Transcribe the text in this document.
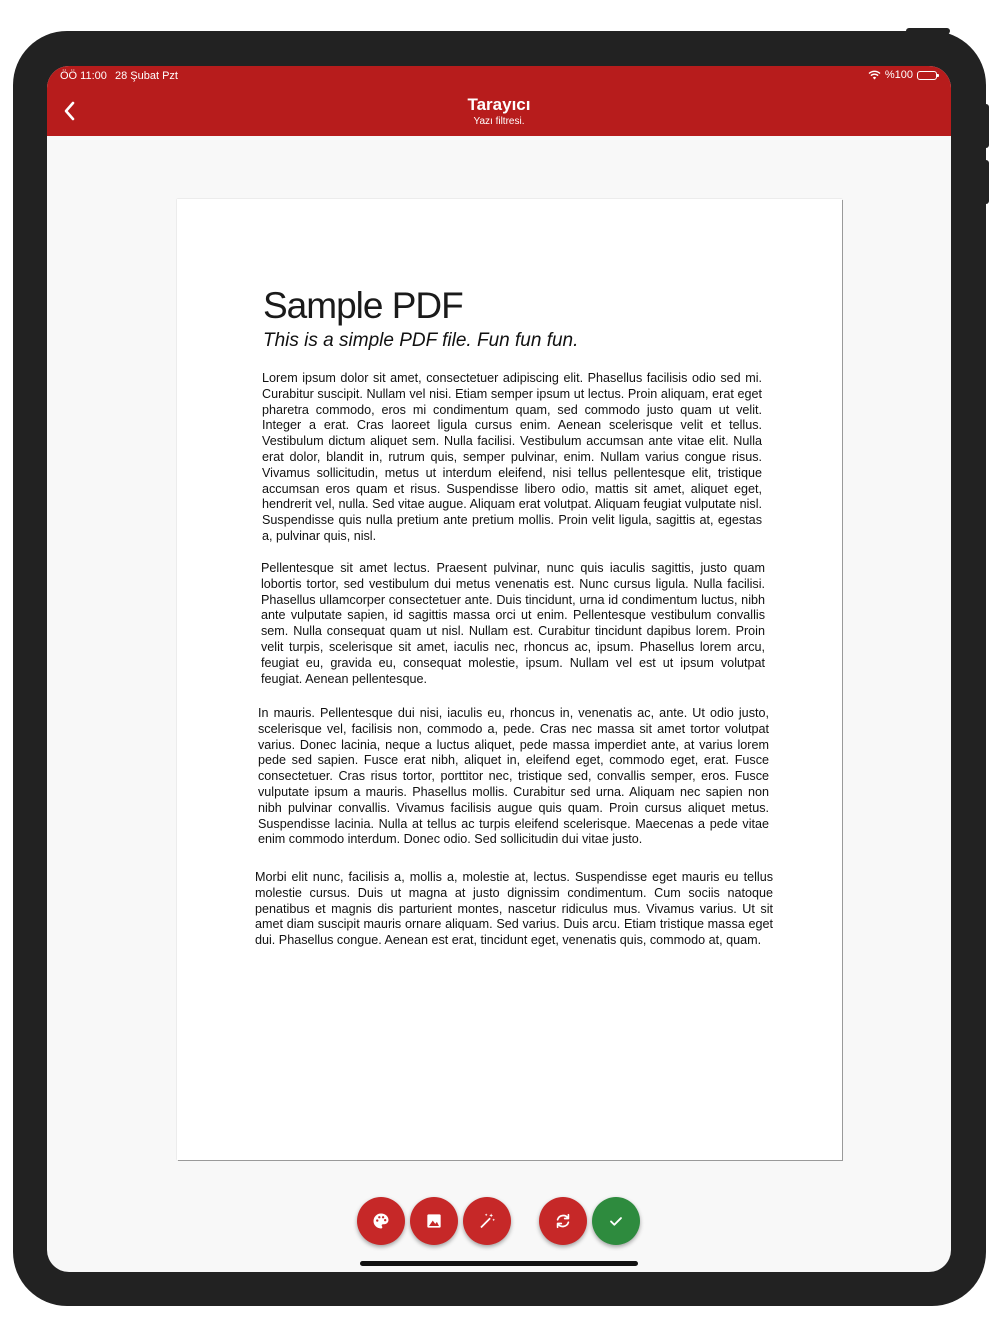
ÖÖ 11:00 28 Şubat Pzt	%100
Tarayıcı
Yazı filtresi.
Sample PDF
This is a simple PDF file. Fun fun fun.

Lorem ipsum dolor sit amet, consectetuer adipiscing elit. Phasellus facilisis odio sed mi. Curabitur suscipit. Nullam vel nisi. Etiam semper ipsum ut lectus. Proin aliquam, erat eget pharetra commodo, eros mi condimentum quam, sed commodo justo quam ut velit. Integer a erat. Cras laoreet ligula cursus enim. Aenean scelerisque velit et tellus. Vestibulum dictum aliquet sem. Nulla facilisi. Vestibulum accumsan ante vitae elit. Nulla erat dolor, blandit in, rutrum quis, semper pulvinar, enim. Nullam varius congue risus. Vivamus sollicitudin, metus ut interdum eleifend, nisi tellus pellentesque elit, tristique accumsan eros quam et risus. Suspendisse libero odio, mattis sit amet, aliquet eget, hendrerit vel, nulla. Sed vitae augue. Aliquam erat volutpat. Aliquam feugiat vulputate nisl. Suspendisse quis nulla pretium ante pretium mollis. Proin velit ligula, sagittis at, egestas a, pulvinar quis, nisl.

Pellentesque sit amet lectus. Praesent pulvinar, nunc quis iaculis sagittis, justo quam lobortis tortor, sed vestibulum dui metus venenatis est. Nunc cursus ligula. Nulla facilisi. Phasellus ullamcorper consectetuer ante. Duis tincidunt, urna id condimentum luctus, nibh ante vulputate sapien, id sagittis massa orci ut enim. Pellentesque vestibulum convallis sem. Nulla consequat quam ut nisl. Nullam est. Curabitur tincidunt dapibus lorem. Proin velit turpis, scelerisque sit amet, iaculis nec, rhoncus ac, ipsum. Phasellus lorem arcu, feugiat eu, gravida eu, consequat molestie, ipsum. Nullam vel est ut ipsum volutpat feugiat. Aenean pellentesque.

In mauris. Pellentesque dui nisi, iaculis eu, rhoncus in, venenatis ac, ante. Ut odio justo, scelerisque vel, facilisis non, commodo a, pede. Cras nec massa sit amet tortor volutpat varius. Donec lacinia, neque a luctus aliquet, pede massa imperdiet ante, at varius lorem pede sed sapien. Fusce erat nibh, aliquet in, eleifend eget, commodo eget, erat. Fusce consectetuer. Cras risus tortor, porttitor nec, tristique sed, convallis semper, eros. Fusce vulputate ipsum a mauris. Phasellus mollis. Curabitur sed urna. Aliquam nec sapien non nibh pulvinar convallis. Vivamus facilisis augue quis quam. Proin cursus aliquet metus. Suspendisse lacinia. Nulla at tellus ac turpis eleifend scelerisque. Maecenas a pede vitae enim commodo interdum. Donec odio. Sed sollicitudin dui vitae justo.

Morbi elit nunc, facilisis a, mollis a, molestie at, lectus. Suspendisse eget mauris eu tellus molestie cursus. Duis ut magna at justo dignissim condimentum. Cum sociis natoque penatibus et magnis dis parturient montes, nascetur ridiculus mus. Vivamus varius. Ut sit amet diam suscipit mauris ornare aliquam. Sed varius. Duis arcu. Etiam tristique massa eget dui. Phasellus congue. Aenean est erat, tincidunt eget, venenatis quis, commodo at, quam.
